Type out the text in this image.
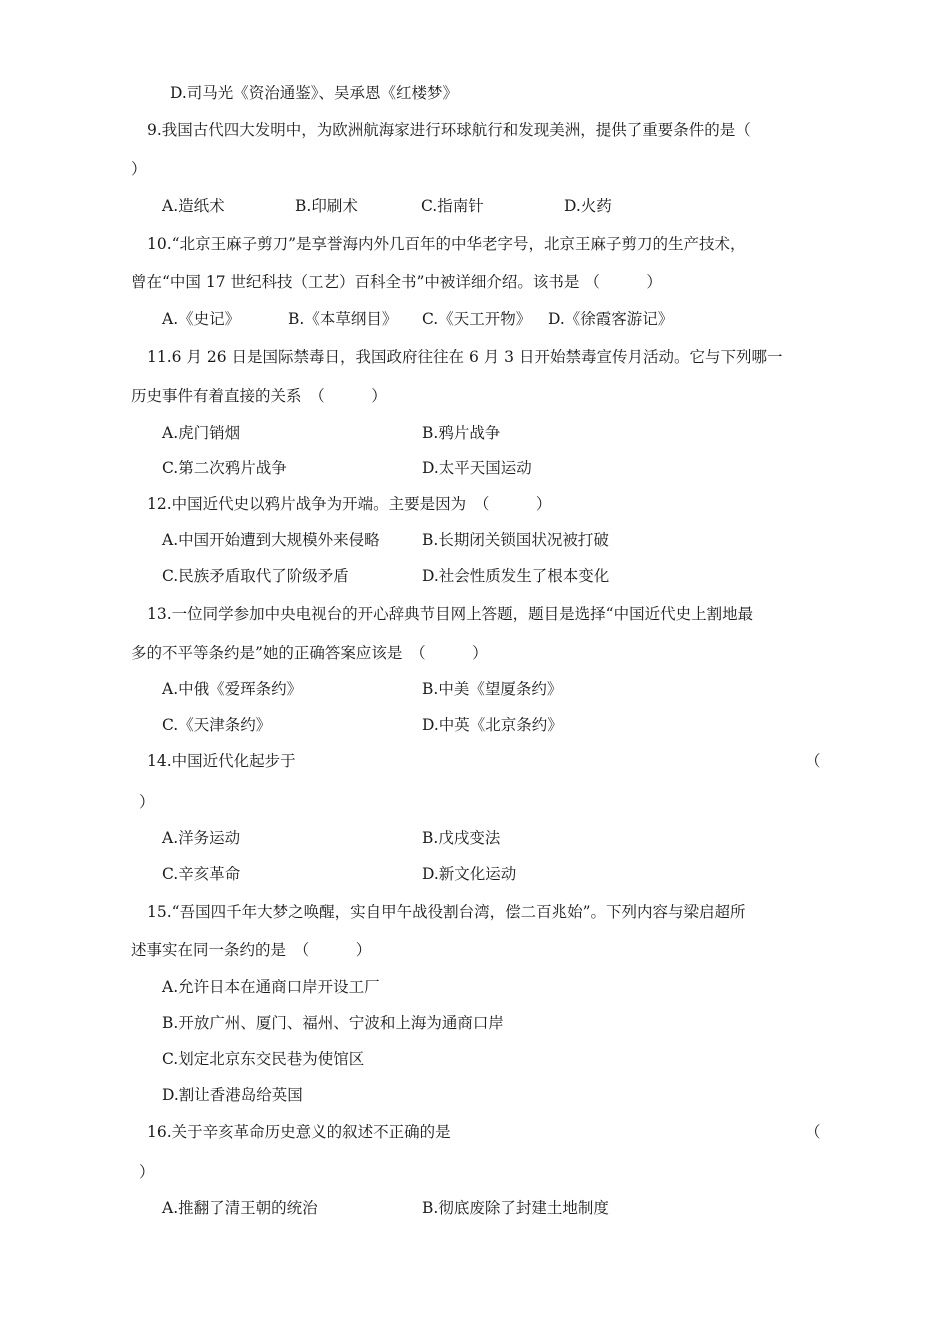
D.司马光《资治通鉴》、吴承恩《红楼梦》
9.我国古代四大发明中，为欧洲航海家进行环球航行和发现美洲，提供了重要条件的是（
）
A.造纸术	B.印刷术	C.指南针	D.火药
10.“北京王麻子剪刀”是享誉海内外几百年的中华老字号，北京王麻子剪刀的生产技术，
曾在“中国 17 世纪科技（工艺）百科全书”中被详细介绍。该书是 （　　　）
A.《史记》	B.《本草纲目》 C.《天工开物》 D.《徐霞客游记》
11.6 月 26 日是国际禁毒日，我国政府往往在 6 月 3 日开始禁毒宣传月活动。它与下列哪一
历史事件有着直接的关系　（　　　）
A.虎门销烟	B.鸦片战争
C.第二次鸦片战争	D.太平天国运动
12.中国近代史以鸦片战争为开端。主要是因为　（　　　）
A.中国开始遭到大规模外来侵略	B.长期闭关锁国状况被打破
C.民族矛盾取代了阶级矛盾	D.社会性质发生了根本变化
13.一位同学参加中央电视台的开心辞典节目网上答题，题目是选择“中国近代史上割地最
多的不平等条约是”她的正确答案应该是　（　　　）
A.中俄《爱珲条约》	B.中美《望厦条约》
C.《天津条约》	D.中英《北京条约》
14.中国近代化起步于	（
）
A.洋务运动	B.戊戌变法
C.辛亥革命	D.新文化运动
15.“吾国四千年大梦之唤醒，实自甲午战役割台湾，偿二百兆始”。下列内容与梁启超所
述事实在同一条约的是　（　　　）
A.允许日本在通商口岸开设工厂
B.开放广州、厦门、福州、宁波和上海为通商口岸
C.划定北京东交民巷为使馆区
D.割让香港岛给英国
16.关于辛亥革命历史意义的叙述不正确的是	（
）
A.推翻了清王朝的统治	B.彻底废除了封建土地制度
